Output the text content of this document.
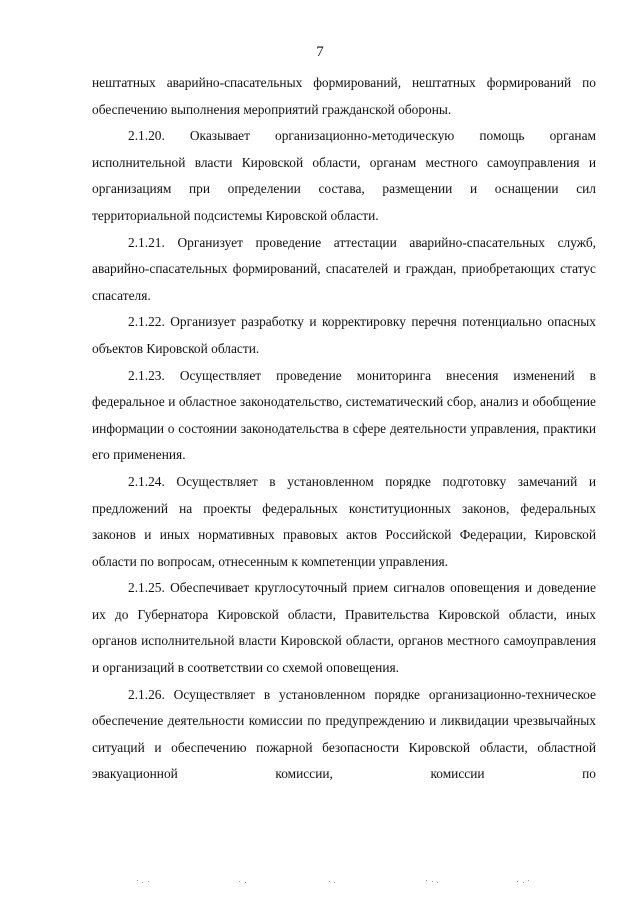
7

нештатных аварийно-спасательных формирований, нештатных формирований по обеспечению выполнения мероприятий гражданской обороны.

2.1.20. Оказывает организационно-методическую помощь органам исполнительной власти Кировской области, органам местного самоуправления и организациям при определении состава, размещении и оснащении сил территориальной подсистемы Кировской области.

2.1.21. Организует проведение аттестации аварийно-спасательных служб, аварийно-спасательных формирований, спасателей и граждан, приобретающих статус спасателя.

2.1.22. Организует разработку и корректировку перечня потенциально опасных объектов Кировской области.

2.1.23. Осуществляет проведение мониторинга внесения изменений в федеральное и областное законодательство, систематический сбор, анализ и обобщение информации о состоянии законодательства в сфере деятельности управления, практики его применения.

2.1.24. Осуществляет в установленном порядке подготовку замечаний и предложений на проекты федеральных конституционных законов, федеральных законов и иных нормативных правовых актов Российской Федерации, Кировской области по вопросам, отнесенным к компетенции управления.

2.1.25. Обеспечивает круглосуточный прием сигналов оповещения и доведение их до Губернатора Кировской области, Правительства Кировской области, иных органов исполнительной власти Кировской области, органов местного самоуправления и организаций в соответствии со схемой оповещения.

2.1.26. Осуществляет в установленном порядке организационно-техническое обеспечение деятельности комиссии по предупреждению и ликвидации чрезвычайных ситуаций и обеспечению пожарной безопасности Кировской области, областной эвакуационной комиссии, комиссии по
